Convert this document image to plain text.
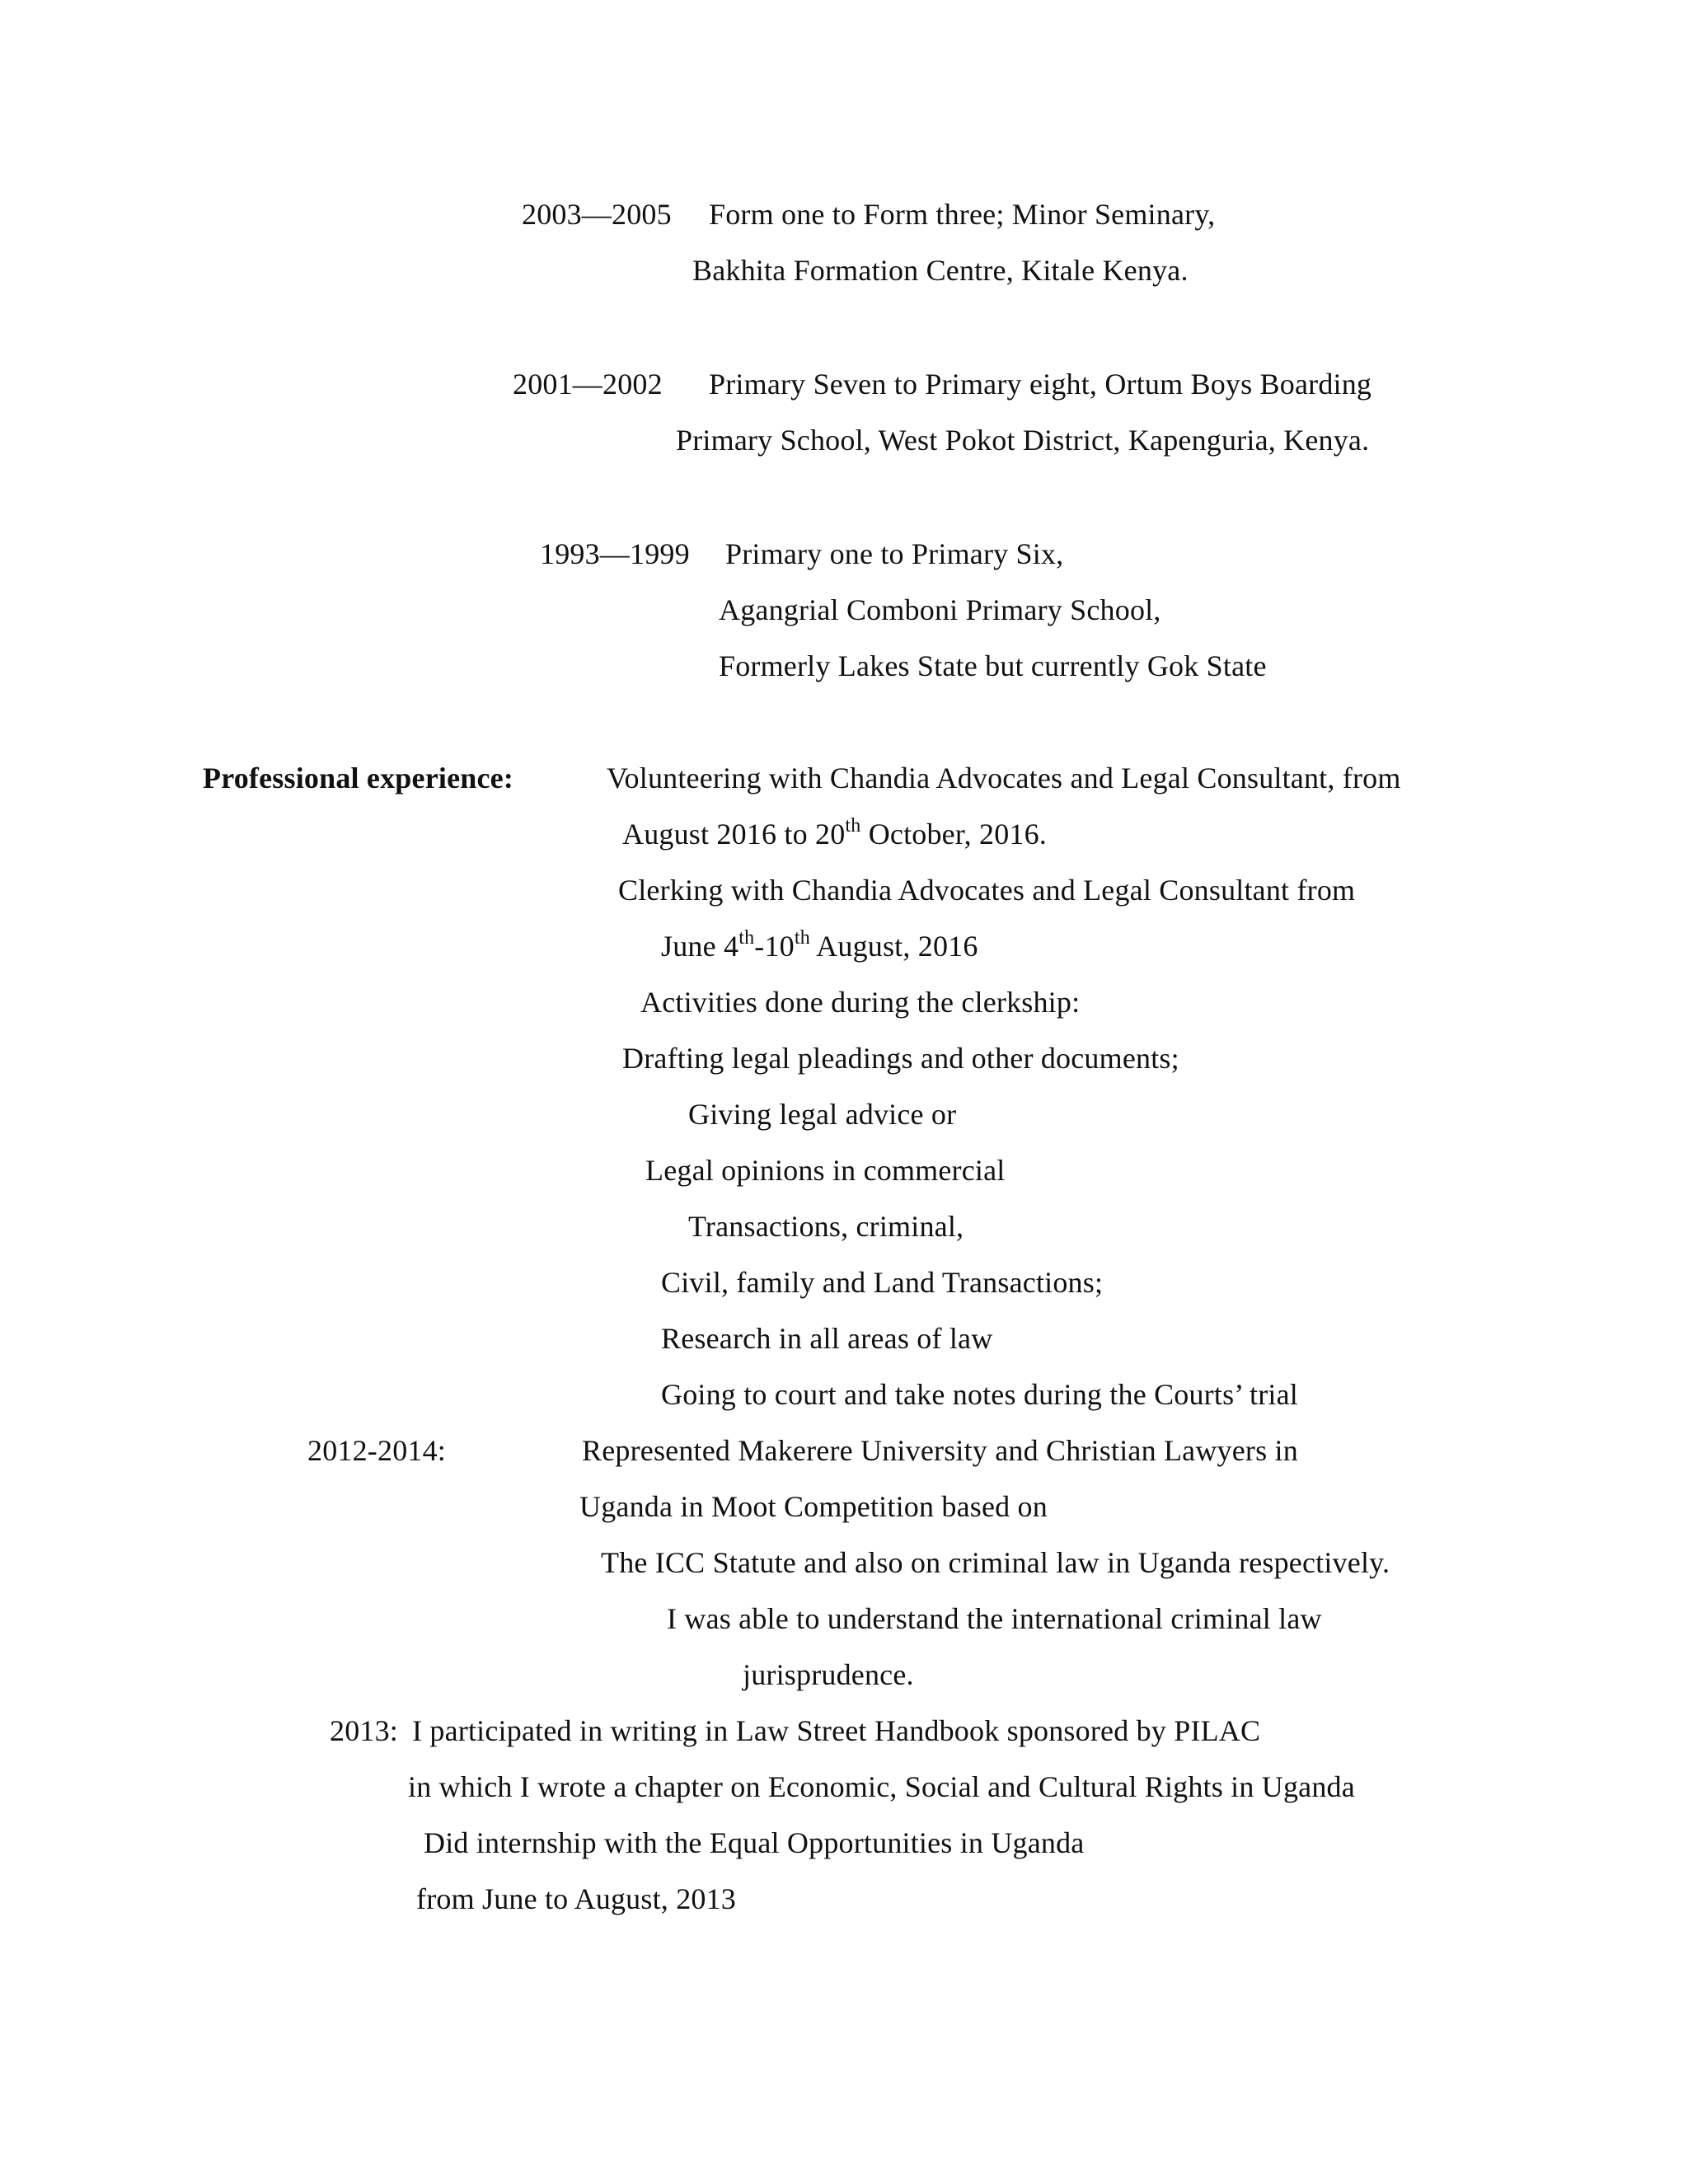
2003—2005 Form one to Form three; Minor Seminary,
Bakhita Formation Centre, Kitale Kenya.
2001—2002 Primary Seven to Primary eight, Ortum Boys Boarding
Primary School, West Pokot District, Kapenguria, Kenya.
1993—1999 Primary one to Primary Six,
Agangrial Comboni Primary School,
Formerly Lakes State but currently Gok State
Professional experience:	Volunteering with Chandia Advocates and Legal Consultant, from
August 2016 to 20th October, 2016.
Clerking with Chandia Advocates and Legal Consultant from
June 4th-10th August, 2016
Activities done during the clerkship:
Drafting legal pleadings and other documents;
Giving legal advice or
Legal opinions in commercial
Transactions, criminal,
Civil, family and Land Transactions;
Research in all areas of law
Going to court and take notes during the Courts’ trial
2012-2014:	Represented Makerere University and Christian Lawyers in
Uganda in Moot Competition based on
The ICC Statute and also on criminal law in Uganda respectively.
I was able to understand the international criminal law
jurisprudence.
2013: I participated in writing in Law Street Handbook sponsored by PILAC
in which I wrote a chapter on Economic, Social and Cultural Rights in Uganda
Did internship with the Equal Opportunities in Uganda
from June to August, 2013
